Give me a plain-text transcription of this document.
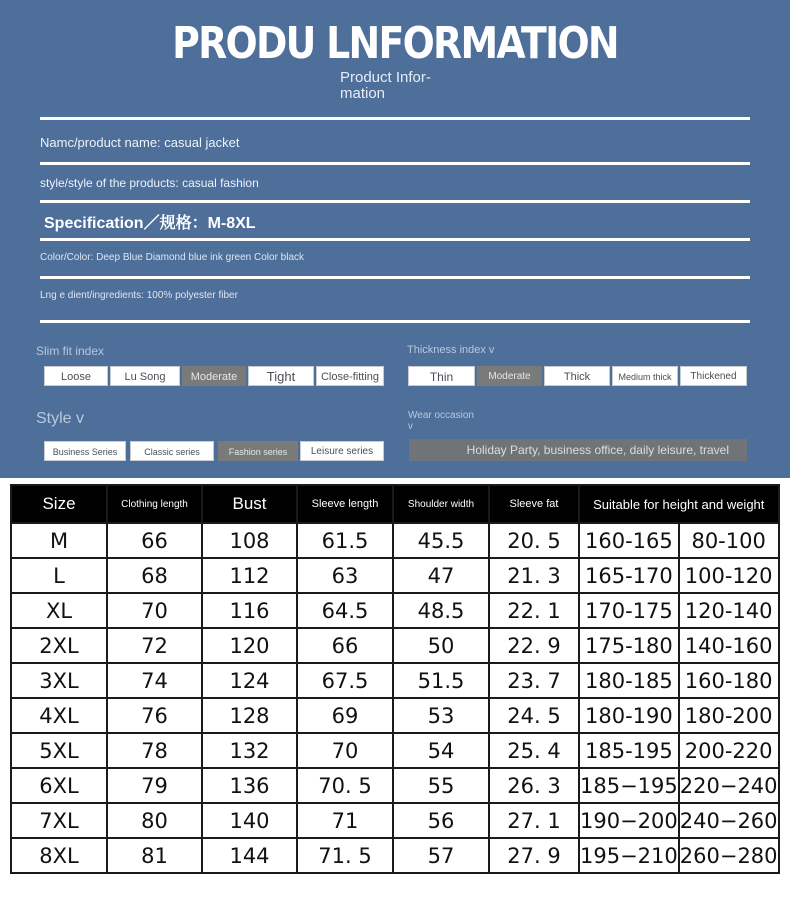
PRODU LNFORMATION
Product Infor-
mation
Namc/product name: casual jacket
style/style of the products: casual fashion
Specification／规格：M-8XL
Color/Color: Deep Blue Diamond blue ink green Color black
Lng e dient/ingredients: 100% polyester fiber
Slim fit index
Loose	Lu Song	Moderate	Tight	Close-fitting
Thickness index v
Thin	Moderate	Thick	Medium thick	Thickened
Style v
Business Series	Classic series	Fashion series	Leisure series
Wear occasion
v
Holiday Party, business office, daily leisure, travel
Size	Clothing length	Bust	Sleeve length	Shoulder width	Sleeve fat	Suitable for height and weight	
M	66	108	61.5	45.5	20. 5	160-165	80-100
L	68	112	63	47	21. 3	165-170	100-120
XL	70	116	64.5	48.5	22. 1	170-175	120-140
2XL	72	120	66	50	22. 9	175-180	140-160
3XL	74	124	67.5	51.5	23. 7	180-185	160-180
4XL	76	128	69	53	24. 5	180-190	180-200
5XL	78	132	70	54	25. 4	185-195	200-220
6XL	79	136	70. 5	55	26. 3	185−195	220−240
7XL	80	140	71	56	27. 1	190−200	240−260
8XL	81	144	71. 5	57	27. 9	195−210	260−280
